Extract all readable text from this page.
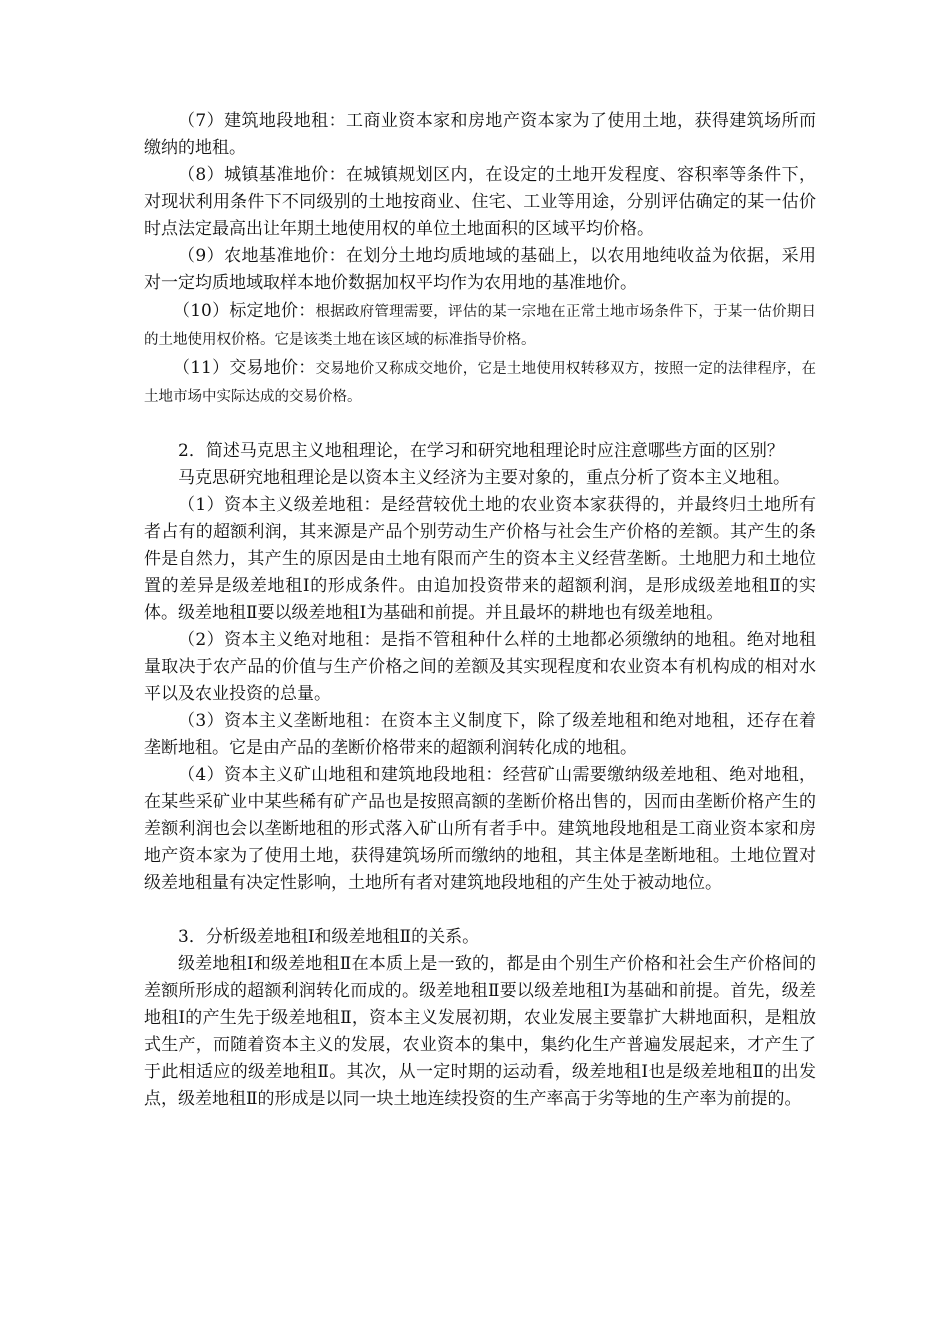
（7）建筑地段地租：工商业资本家和房地产资本家为了使用土地，获得建筑场所而缴纳的地租。

（8）城镇基准地价：在城镇规划区内，在设定的土地开发程度、容积率等条件下，对现状利用条件下不同级别的土地按商业、住宅、工业等用途，分别评估确定的某一估价时点法定最高出让年期土地使用权的单位土地面积的区域平均价格。

（9）农地基准地价：在划分土地均质地域的基础上，以农用地纯收益为依据，采用对一定均质地域取样本地价数据加权平均作为农用地的基准地价。

（10）标定地价：根据政府管理需要，评估的某一宗地在正常土地市场条件下，于某一估价期日的土地使用权价格。它是该类土地在该区域的标准指导价格。

（11）交易地价：交易地价又称成交地价，它是土地使用权转移双方，按照一定的法律程序，在土地市场中实际达成的交易价格。

2．简述马克思主义地租理论，在学习和研究地租理论时应注意哪些方面的区别？

马克思研究地租理论是以资本主义经济为主要对象的，重点分析了资本主义地租。

（1）资本主义级差地租：是经营较优土地的农业资本家获得的，并最终归土地所有者占有的超额利润，其来源是产品个别劳动生产价格与社会生产价格的差额。其产生的条件是自然力，其产生的原因是由土地有限而产生的资本主义经营垄断。土地肥力和土地位置的差异是级差地租Ⅰ的形成条件。由追加投资带来的超额利润，是形成级差地租Ⅱ的实体。级差地租Ⅱ要以级差地租Ⅰ为基础和前提。并且最坏的耕地也有级差地租。

（2）资本主义绝对地租：是指不管租种什么样的土地都必须缴纳的地租。绝对地租量取决于农产品的价值与生产价格之间的差额及其实现程度和农业资本有机构成的相对水平以及农业投资的总量。

（3）资本主义垄断地租：在资本主义制度下，除了级差地租和绝对地租，还存在着垄断地租。它是由产品的垄断价格带来的超额利润转化成的地租。

（4）资本主义矿山地租和建筑地段地租：经营矿山需要缴纳级差地租、绝对地租，在某些采矿业中某些稀有矿产品也是按照高额的垄断价格出售的，因而由垄断价格产生的差额利润也会以垄断地租的形式落入矿山所有者手中。建筑地段地租是工商业资本家和房地产资本家为了使用土地，获得建筑场所而缴纳的地租，其主体是垄断地租。土地位置对级差地租量有决定性影响，土地所有者对建筑地段地租的产生处于被动地位。

3．分析级差地租Ⅰ和级差地租Ⅱ的关系。

级差地租Ⅰ和级差地租Ⅱ在本质上是一致的，都是由个别生产价格和社会生产价格间的差额所形成的超额利润转化而成的。级差地租Ⅱ要以级差地租Ⅰ为基础和前提。首先，级差地租Ⅰ的产生先于级差地租Ⅱ，资本主义发展初期，农业发展主要靠扩大耕地面积，是粗放式生产，而随着资本主义的发展，农业资本的集中，集约化生产普遍发展起来，才产生了于此相适应的级差地租Ⅱ。其次，从一定时期的运动看，级差地租Ⅰ也是级差地租Ⅱ的出发点，级差地租Ⅱ的形成是以同一块土地连续投资的生产率高于劣等地的生产率为前提的。
